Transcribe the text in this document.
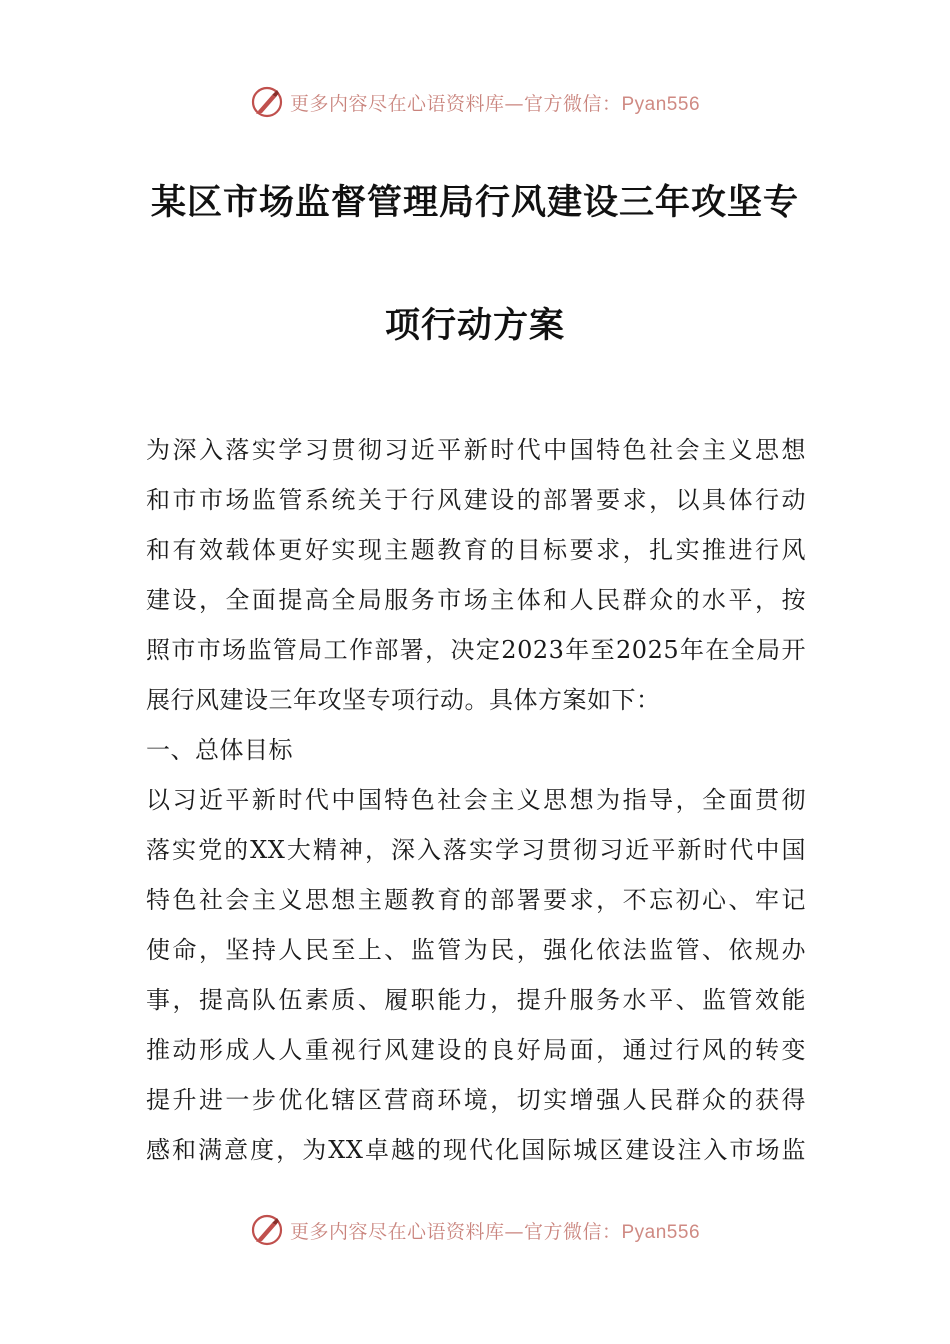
更多内容尽在心语资料库—官方微信：Pyan556
某区市场监督管理局行风建设三年攻坚专
项行动方案
为深入落实学习贯彻习近平新时代中国特色社会主义思想
和市市场监管系统关于行风建设的部署要求，以具体行动
和有效载体更好实现主题教育的目标要求，扎实推进行风
建设，全面提高全局服务市场主体和人民群众的水平，按
照市市场监管局工作部署，决定2023年至2025年在全局开
展行风建设三年攻坚专项行动。具体方案如下：
一、总体目标
以习近平新时代中国特色社会主义思想为指导，全面贯彻
落实党的XX大精神，深入落实学习贯彻习近平新时代中国
特色社会主义思想主题教育的部署要求，不忘初心、牢记
使命，坚持人民至上、监管为民，强化依法监管、依规办
事，提高队伍素质、履职能力，提升服务水平、监管效能
推动形成人人重视行风建设的良好局面，通过行风的转变
提升进一步优化辖区营商环境，切实增强人民群众的获得
感和满意度，为XX卓越的现代化国际城区建设注入市场监
更多内容尽在心语资料库—官方微信：Pyan556
